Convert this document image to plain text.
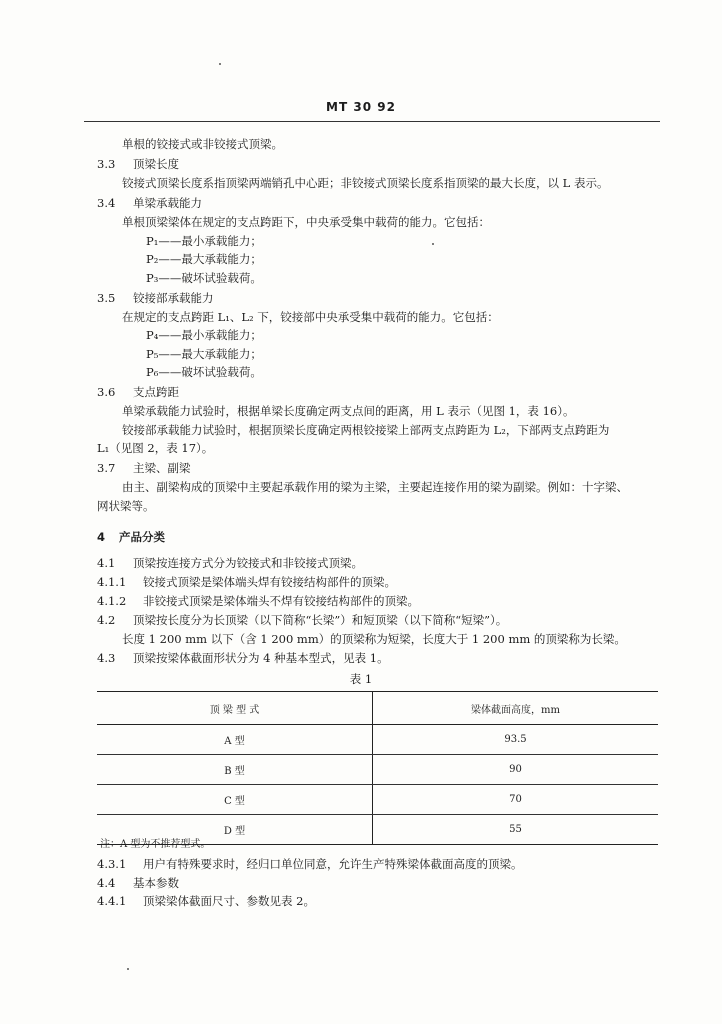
MT 30 92
单根的铰接式或非铰接式顶梁。
3.3 顶梁长度
铰接式顶梁长度系指顶梁两端销孔中心距；非铰接式顶梁长度系指顶梁的最大长度，以 L 表示。
3.4 单梁承载能力
单根顶梁梁体在规定的支点跨距下，中央承受集中载荷的能力。它包括：
P₁——最小承载能力；
P₂——最大承载能力；
P₃——破坏试验载荷。
3.5 铰接部承载能力
在规定的支点跨距 L₁、L₂ 下，铰接部中央承受集中载荷的能力。它包括：
P₄——最小承载能力；
P₅——最大承载能力；
P₆——破坏试验载荷。
3.6 支点跨距
单梁承载能力试验时，根据单梁长度确定两支点间的距离，用 L 表示（见图 1，表 16）。
铰接部承载能力试验时，根据顶梁长度确定两根铰接梁上部两支点跨距为 L₂，下部两支点跨距为
L₁（见图 2，表 17）。
3.7 主梁、副梁
由主、副梁构成的顶梁中主要起承载作用的梁为主梁，主要起连接作用的梁为副梁。例如：十字梁、
网状梁等。
4 产品分类
4.1 顶梁按连接方式分为铰接式和非铰接式顶梁。
4.1.1 铰接式顶梁是梁体端头焊有铰接结构部件的顶梁。
4.1.2 非铰接式顶梁是梁体端头不焊有铰接结构部件的顶梁。
4.2 顶梁按长度分为长顶梁（以下简称“长梁”）和短顶梁（以下简称“短梁”）。
长度 1 200 mm 以下（含 1 200 mm）的顶梁称为短梁，长度大于 1 200 mm 的顶梁称为长梁。
4.3 顶梁按梁体截面形状分为 4 种基本型式，见表 1。
表 1
顶 梁 型 式	梁体截面高度，mm
A 型	93.5
B 型	90
C 型	70
D 型	55
注：A 型为不推荐型式。
4.3.1 用户有特殊要求时，经归口单位同意，允许生产特殊梁体截面高度的顶梁。
4.4 基本参数
4.4.1 顶梁梁体截面尺寸、参数见表 2。
